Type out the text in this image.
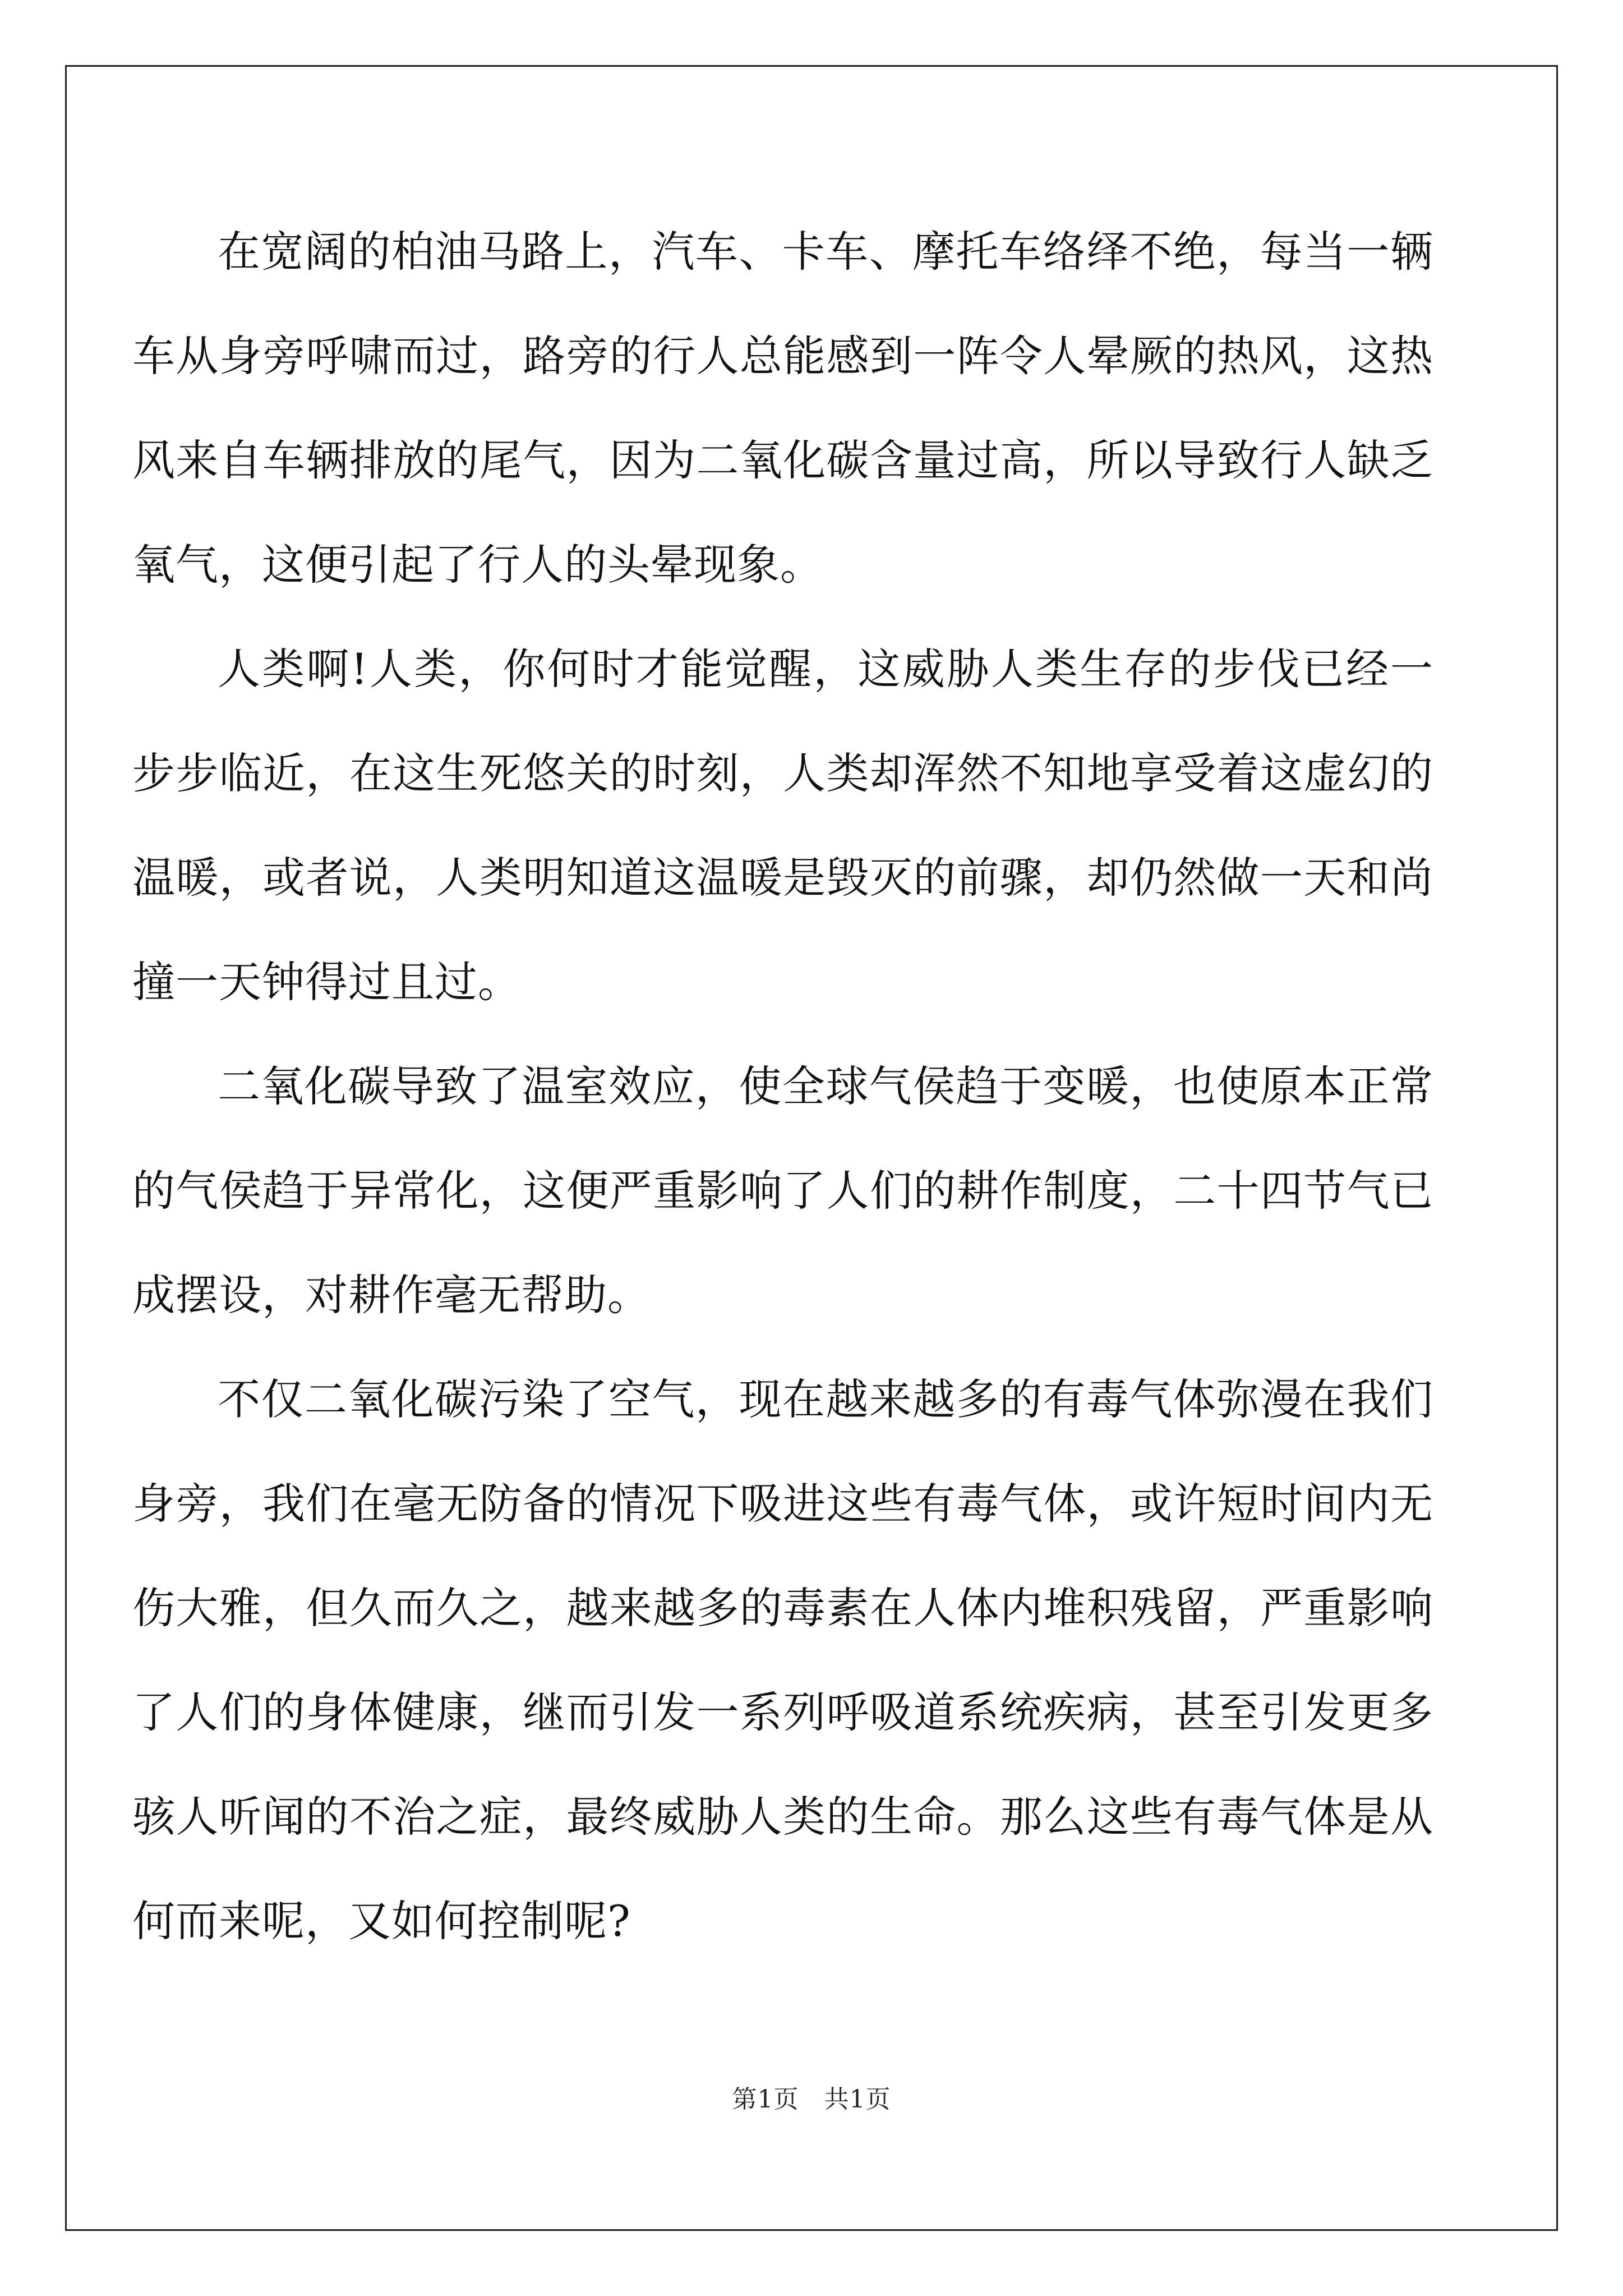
在宽阔的柏油马路上，汽车、卡车、摩托车络绎不绝，每当一辆车从身旁呼啸而过，路旁的行人总能感到一阵令人晕厥的热风，这热风来自车辆排放的尾气，因为二氧化碳含量过高，所以导致行人缺乏氧气，这便引起了行人的头晕现象。

人类啊!人类，你何时才能觉醒，这威胁人类生存的步伐已经一步步临近，在这生死悠关的时刻，人类却浑然不知地享受着这虚幻的温暖，或者说，人类明知道这温暖是毁灭的前骤，却仍然做一天和尚撞一天钟得过且过。

二氧化碳导致了温室效应，使全球气侯趋于变暖，也使原本正常的气侯趋于异常化，这便严重影响了人们的耕作制度，二十四节气已成摆设，对耕作毫无帮助。

不仅二氧化碳污染了空气，现在越来越多的有毒气体弥漫在我们身旁，我们在毫无防备的情况下吸进这些有毒气体，或许短时间内无伤大雅，但久而久之，越来越多的毒素在人体内堆积残留，严重影响了人们的身体健康，继而引发一系列呼吸道系统疾病，甚至引发更多骇人听闻的不治之症，最终威胁人类的生命。那么这些有毒气体是从何而来呢，又如何控制呢?

第1页　共1页
